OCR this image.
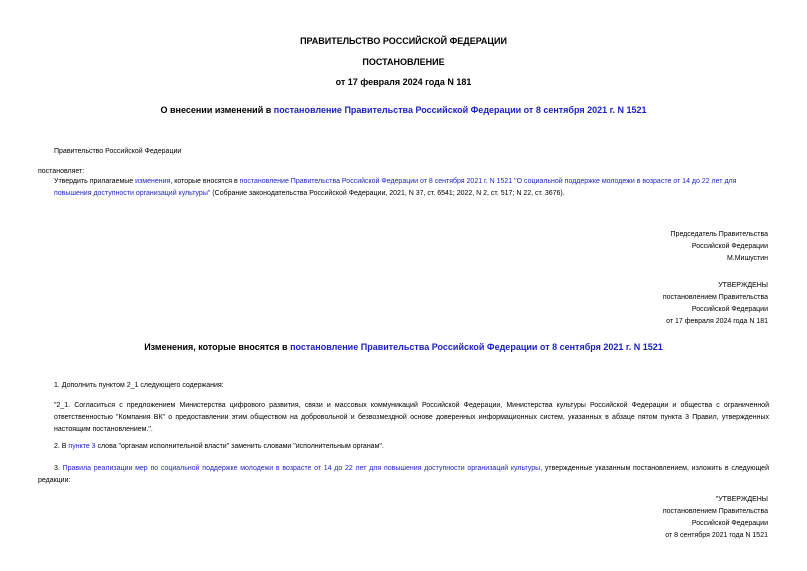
ПРАВИТЕЛЬСТВО РОССИЙСКОЙ ФЕДЕРАЦИИ
ПОСТАНОВЛЕНИЕ
от 17 февраля 2024 года N 181
О внесении изменений в постановление Правительства Российской Федерации от 8 сентября 2021 г. N 1521
Правительство Российской Федерации
постановляет:
Утвердить прилагаемые изменения, которые вносятся в постановление Правительства Российской Федерации от 8 сентября 2021 г. N 1521 "О социальной поддержке молодежи в возрасте от 14 до 22 лет для повышения доступности организаций культуры" (Собрание законодательства Российской Федерации, 2021, N 37, ст. 6541; 2022, N 2, ст. 517; N 22, ст. 3676).
Председатель Правительства
Российской Федерации
М.Мишустин
УТВЕРЖДЕНЫ
постановлением Правительства
Российской Федерации
от 17 февраля 2024 года N 181
Изменения, которые вносятся в постановление Правительства Российской Федерации от 8 сентября 2021 г. N 1521
1. Дополнить пунктом 2_1 следующего содержания:
"2_1. Согласиться с предложением Министерства цифрового развития, связи и массовых коммуникаций Российской Федерации, Министерства культуры Российской Федерации и общества с ограниченной ответственностью "Компания ВК" о предоставлении этим обществом на добровольной и безвозмездной основе доверенных информационных систем, указанных в абзаце пятом пункта 3 Правил, утвержденных настоящим постановлением.".
2. В пункте 3 слова "органам исполнительной власти" заменить словами "исполнительным органам".
3. Правила реализации мер по социальной поддержке молодежи в возрасте от 14 до 22 лет для повышения доступности организаций культуры, утвержденные указанным постановлением, изложить в следующей редакции:
"УТВЕРЖДЕНЫ
постановлением Правительства
Российской Федерации
от 8 сентября 2021 года N 1521
